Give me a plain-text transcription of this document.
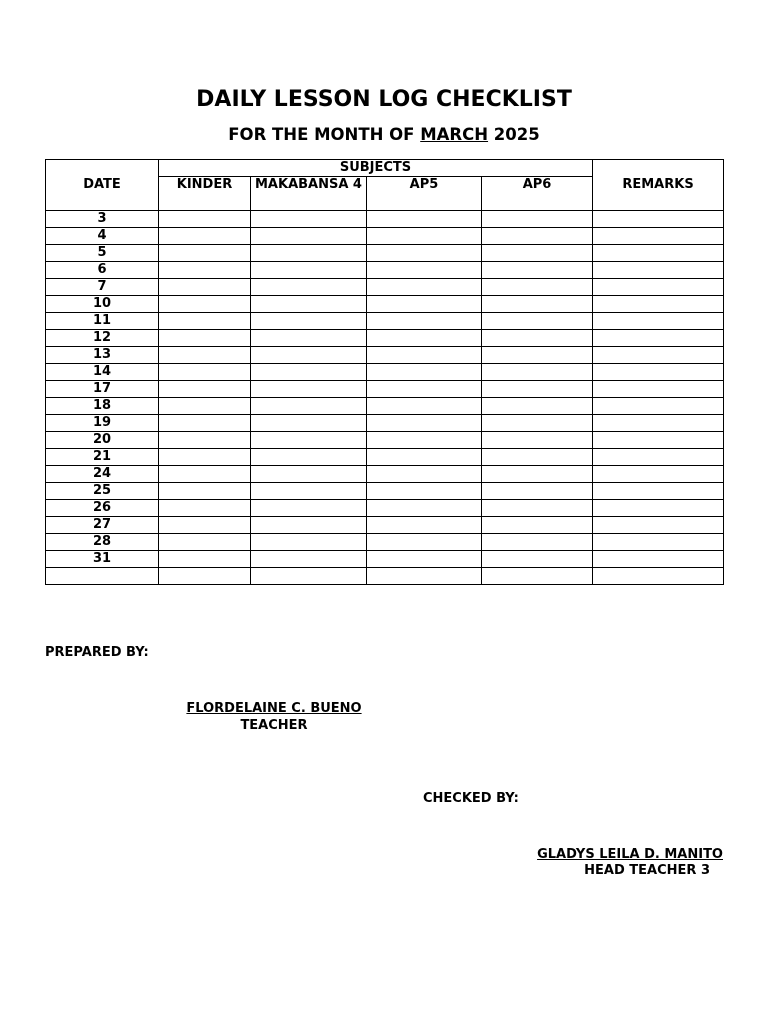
DAILY LESSON LOG CHECKLIST
FOR THE MONTH OF MARCH 2025
DATE	SUBJECTS				REMARKS
	KINDER	MAKABANSA 4	AP5	AP6	
3					
4					
5					
6					
7					
10					
11					
12					
13					
14					
17					
18					
19					
20					
21					
24					
25					
26					
27					
28					
31					

PREPARED BY:
FLORDELAINE C. BUENO
TEACHER
CHECKED BY:
GLADYS LEILA D. MANITO
HEAD TEACHER 3
